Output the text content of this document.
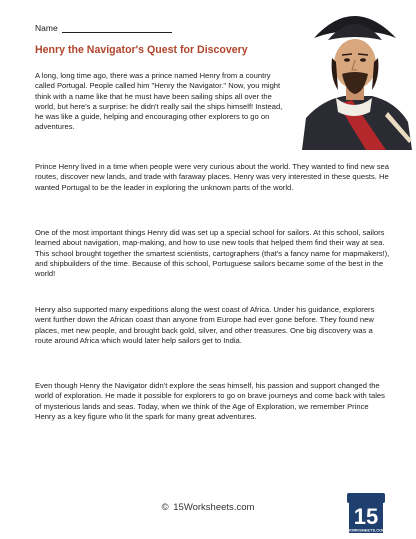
Name
Henry the Navigator's Quest for Discovery

A long, long time ago, there was a prince named Henry from a country called Portugal. People called him "Henry the Navigator." Now, you might think with a name like that he must have been sailing ships all over the world, but here's a surprise: he didn't really sail the ships himself! Instead, he was like a guide, helping and encouraging other explorers to go on adventures.

Prince Henry lived in a time when people were very curious about the world. They wanted to find new sea routes, discover new lands, and trade with faraway places. Henry was very interested in these quests. He wanted Portugal to be the leader in exploring the unknown parts of the world.

One of the most important things Henry did was set up a special school for sailors. At this school, sailors learned about navigation, map-making, and how to use new tools that helped them find their way at sea. This school brought together the smartest scientists, cartographers (that's a fancy name for mapmakers!), and shipbuilders of the time. Because of this school, Portuguese sailors became some of the best in the world!

Henry also supported many expeditions along the west coast of Africa. Under his guidance, explorers went further down the African coast than anyone from Europe had ever gone before. They found new places, met new people, and brought back gold, silver, and other treasures. One big discovery was a route around Africa which would later help sailors get to India.

Even though Henry the Navigator didn't explore the seas himself, his passion and support changed the world of exploration. He made it possible for explorers to go on brave journeys and come back with tales of mysterious lands and seas. Today, when we think of the Age of Exploration, we remember Prince Henry as a key figure who lit the spark for many great adventures.

© 15Worksheets.com	15
WORKSHEETS.COM
